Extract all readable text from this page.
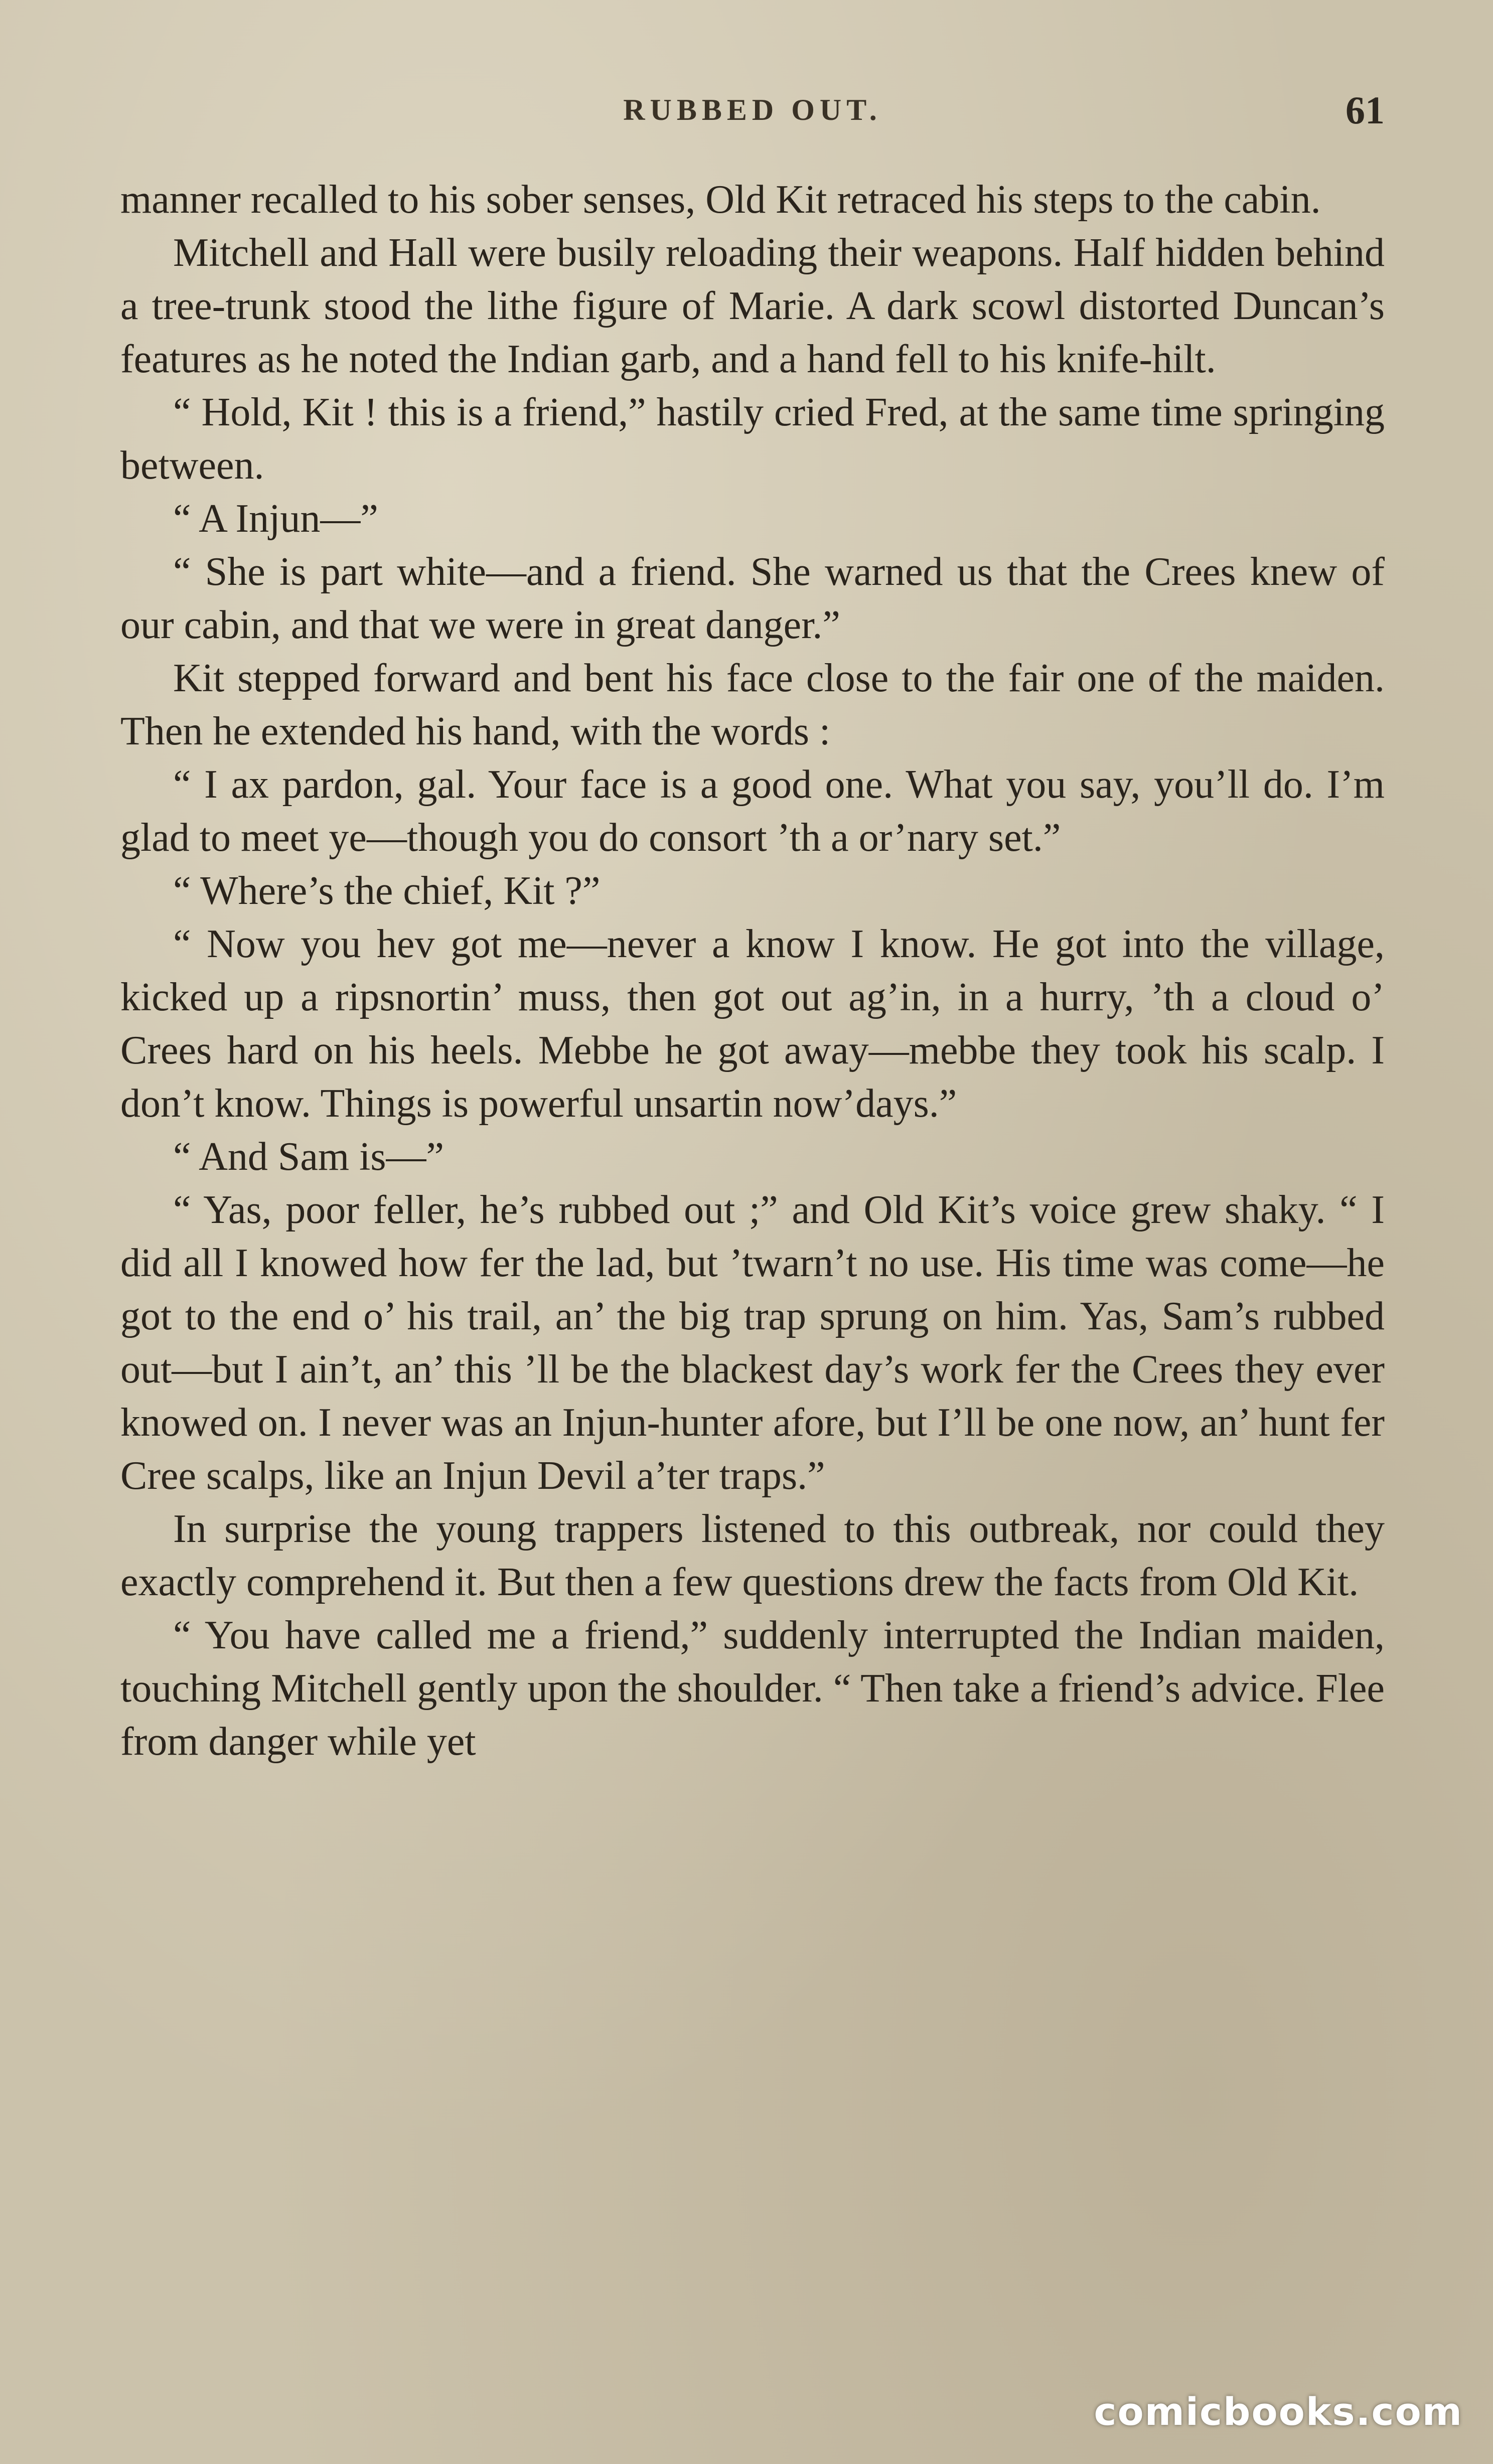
RUBBED OUT.	61

manner recalled to his sober senses, Old Kit retraced his steps to the cabin.

Mitchell and Hall were busily reloading their weapons. Half hidden behind a tree-trunk stood the lithe figure of Marie. A dark scowl distorted Duncan’s features as he noted the Indian garb, and a hand fell to his knife-hilt.

“ Hold, Kit ! this is a friend,” hastily cried Fred, at the same time springing between.

“ A Injun—”

“ She is part white—and a friend. She warned us that the Crees knew of our cabin, and that we were in great danger.”

Kit stepped forward and bent his face close to the fair one of the maiden. Then he extended his hand, with the words :

“ I ax pardon, gal. Your face is a good one. What you say, you’ll do. I’m glad to meet ye—though you do consort ’th a or’nary set.”

“ Where’s the chief, Kit ?”

“ Now you hev got me—never a know I know. He got into the village, kicked up a ripsnortin’ muss, then got out ag’in, in a hurry, ’th a cloud o’ Crees hard on his heels. Mebbe he got away—mebbe they took his scalp. I don’t know. Things is powerful unsartin now’days.”

“ And Sam is—”

“ Yas, poor feller, he’s rubbed out ;” and Old Kit’s voice grew shaky. “ I did all I knowed how fer the lad, but ’twarn’t no use. His time was come—he got to the end o’ his trail, an’ the big trap sprung on him. Yas, Sam’s rubbed out—but I ain’t, an’ this ’ll be the blackest day’s work fer the Crees they ever knowed on. I never was an Injun-hunter afore, but I’ll be one now, an’ hunt fer Cree scalps, like an Injun Devil a’ter traps.”

In surprise the young trappers listened to this outbreak, nor could they exactly comprehend it. But then a few questions drew the facts from Old Kit.

“ You have called me a friend,” suddenly interrupted the Indian maiden, touching Mitchell gently upon the shoulder. “ Then take a friend’s advice. Flee from danger while yet

comicbooks.com
